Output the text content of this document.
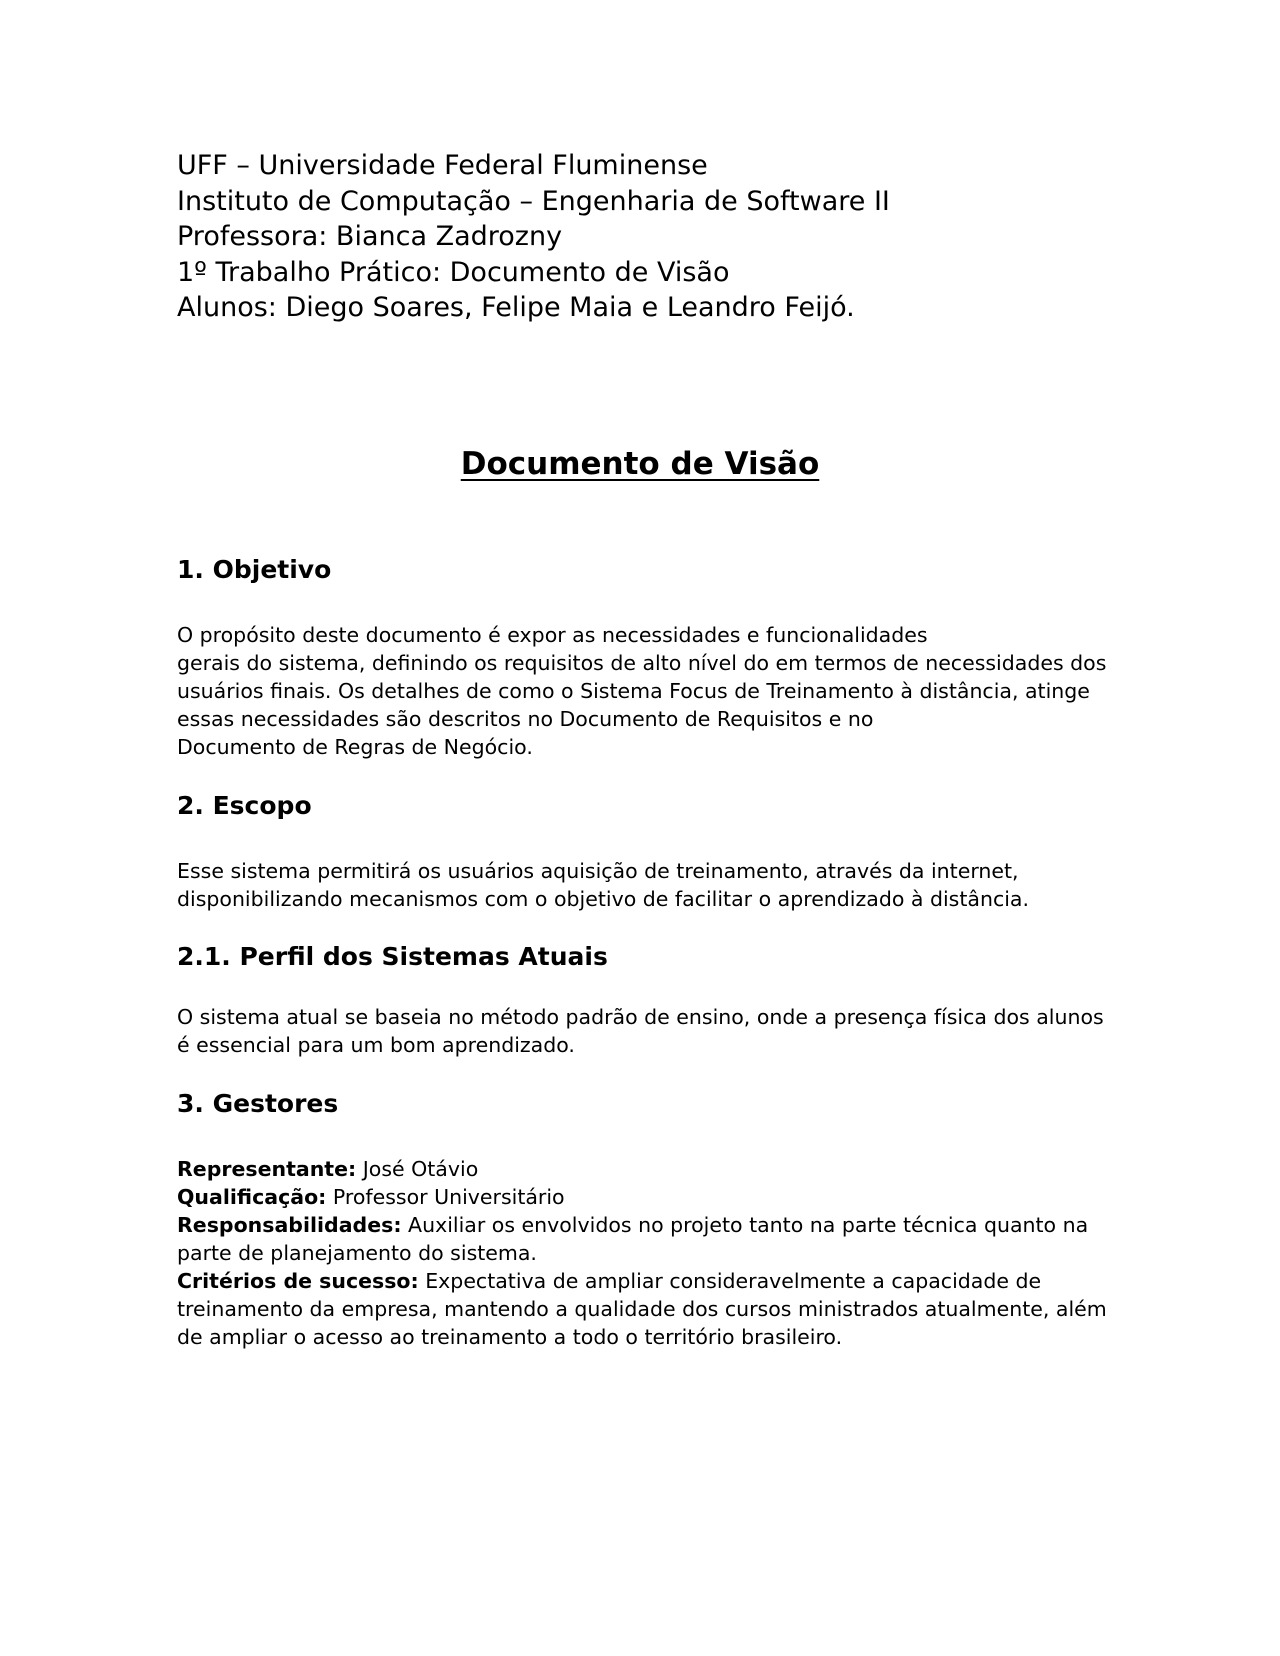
UFF – Universidade Federal Fluminense
Instituto de Computação – Engenharia de Software II
Professora: Bianca Zadrozny
1º Trabalho Prático: Documento de Visão
Alunos: Diego Soares, Felipe Maia e Leandro Feijó.
Documento de Visão
1. Objetivo
O propósito deste documento é expor as necessidades e funcionalidades
gerais do sistema, definindo os requisitos de alto nível do em termos de necessidades dos
usuários finais. Os detalhes de como o Sistema Focus de Treinamento à distância, atinge
essas necessidades são descritos no Documento de Requisitos e no
Documento de Regras de Negócio.
2. Escopo
Esse sistema permitirá os usuários aquisição de treinamento, através da internet,
disponibilizando mecanismos com o objetivo de facilitar o aprendizado à distância.
2.1. Perfil dos Sistemas Atuais
O sistema atual se baseia no método padrão de ensino, onde a presença física dos alunos
é essencial para um bom aprendizado.
3. Gestores
Representante: José Otávio
Qualificação: Professor Universitário
Responsabilidades: Auxiliar os envolvidos no projeto tanto na parte técnica quanto na
parte de planejamento do sistema.
Critérios de sucesso: Expectativa de ampliar consideravelmente a capacidade de
treinamento da empresa, mantendo a qualidade dos cursos ministrados atualmente, além
de ampliar o acesso ao treinamento a todo o território brasileiro.
